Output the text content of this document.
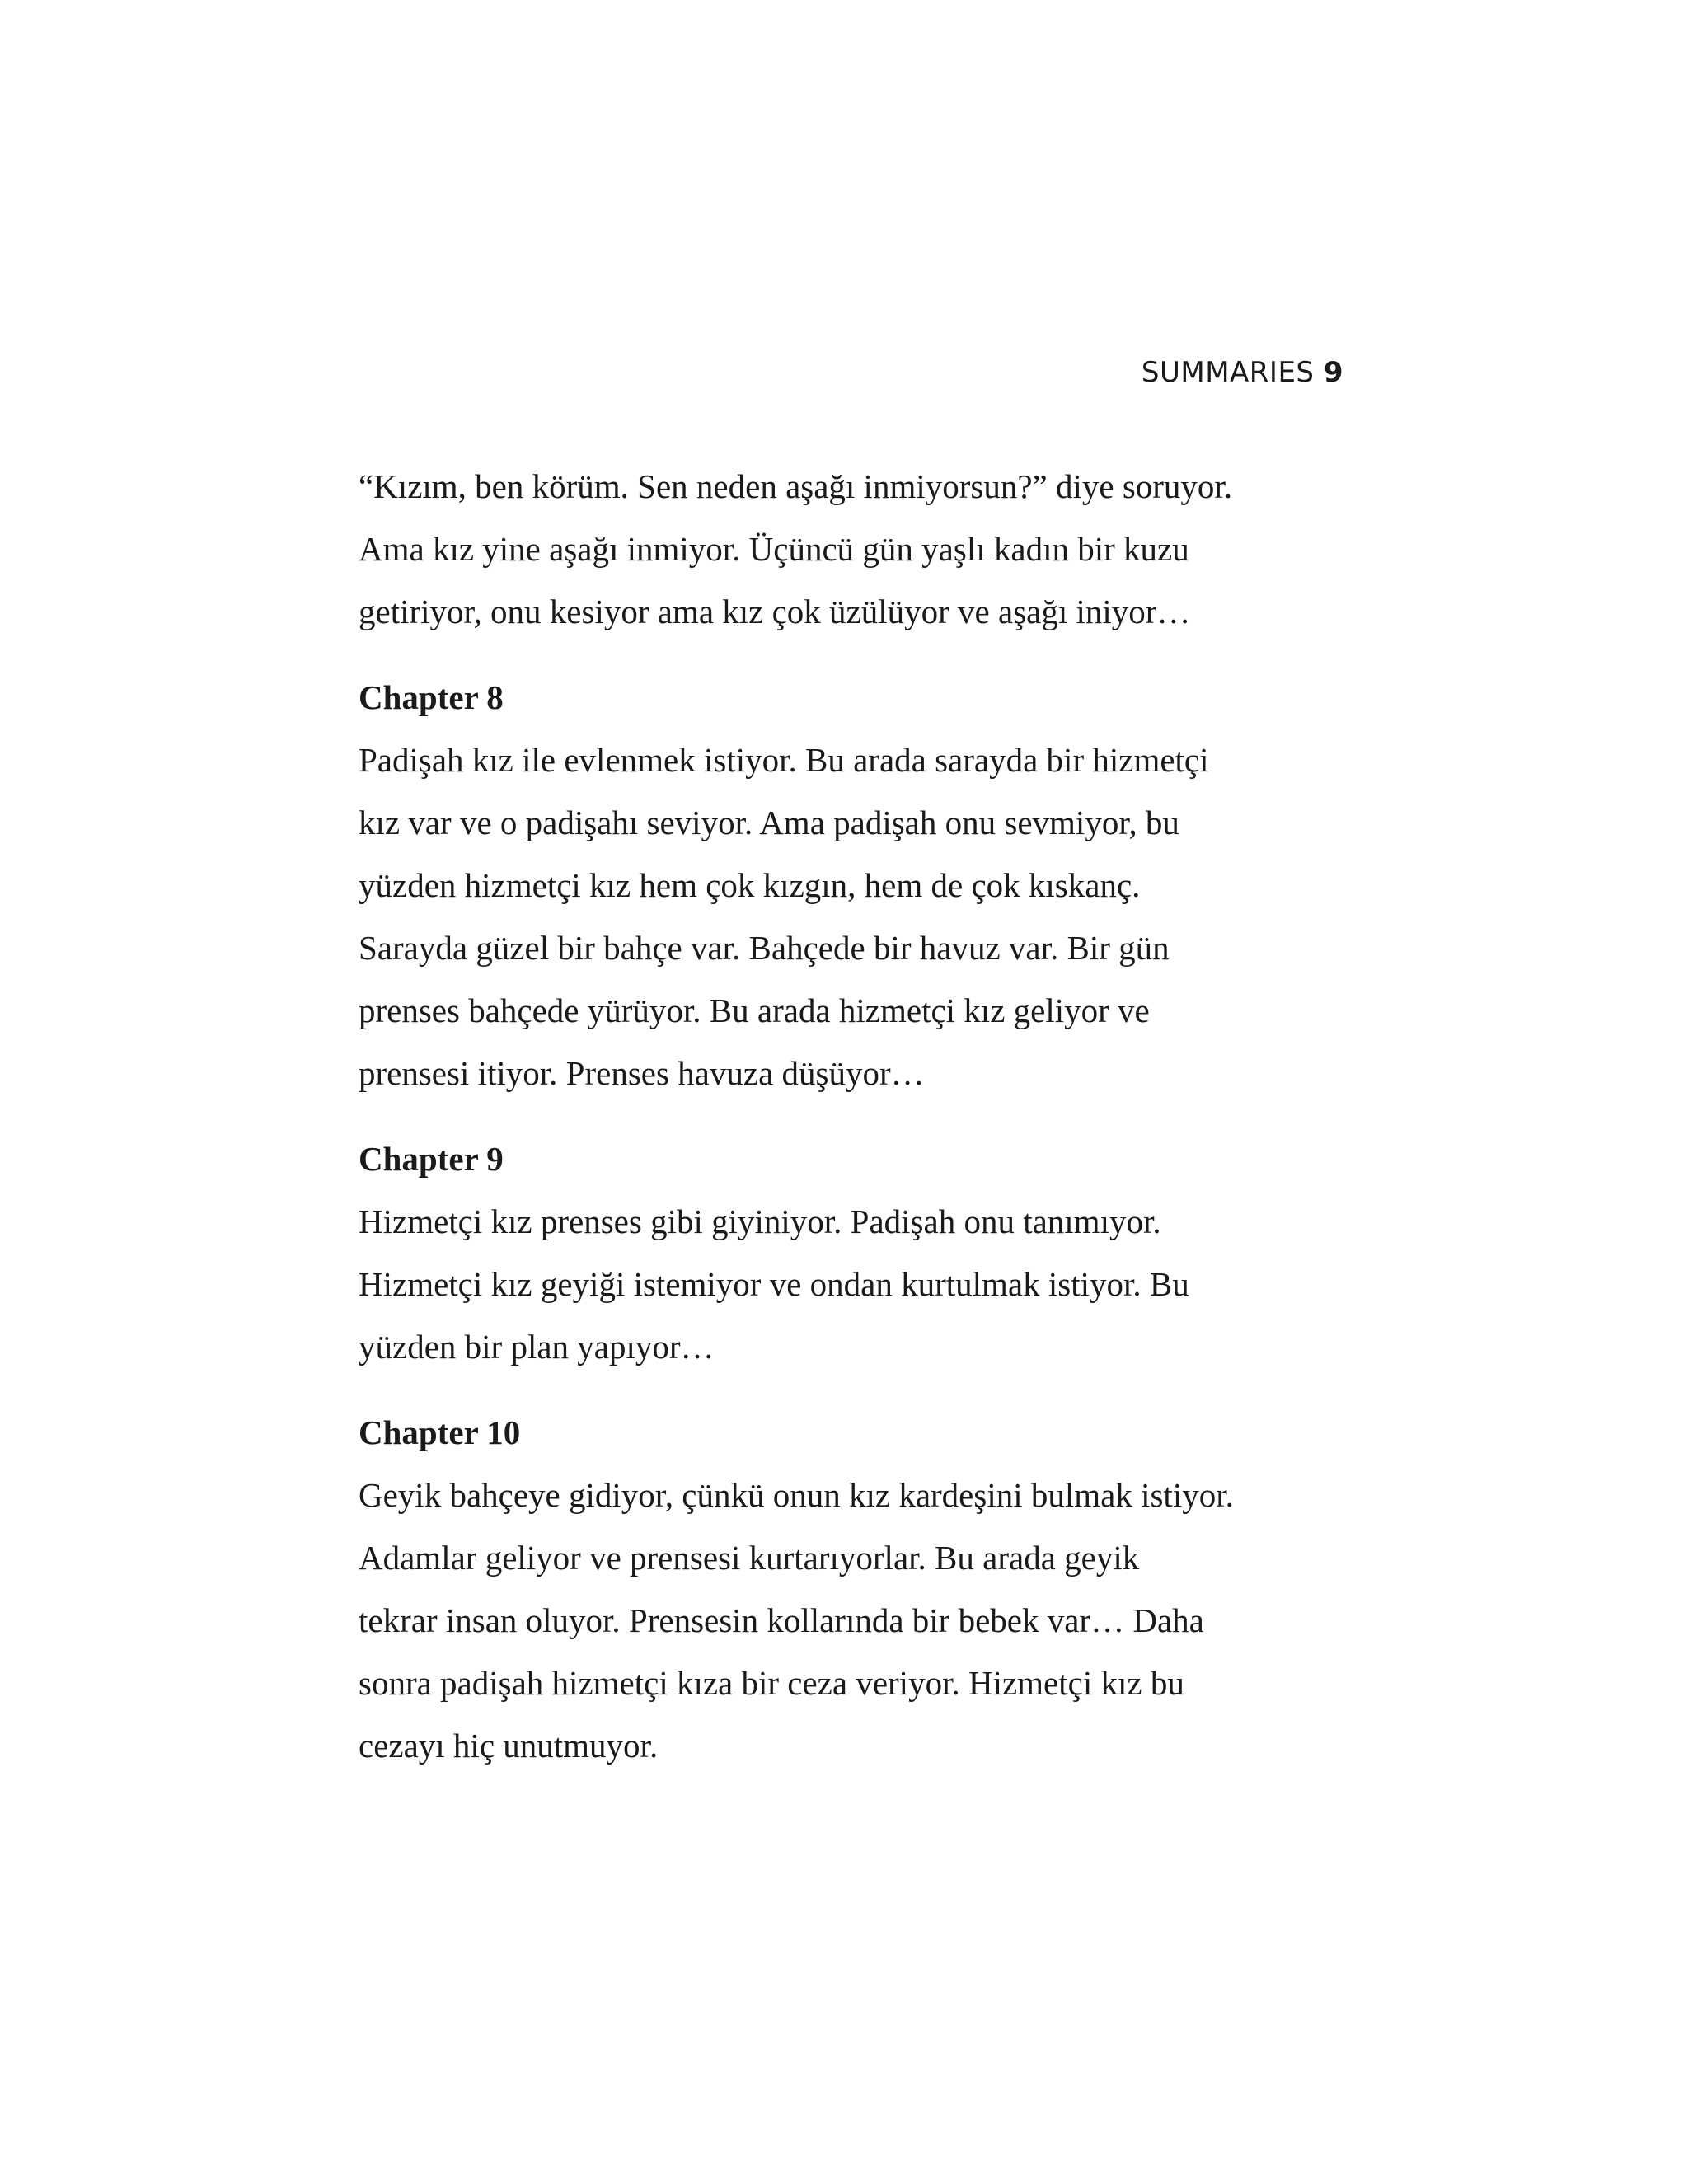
SUMMARIES 9

“Kızım, ben körüm. Sen neden aşağı inmiyorsun?” diye soruyor.

Ama kız yine aşağı inmiyor. Üçüncü gün yaşlı kadın bir kuzu

getiriyor, onu kesiyor ama kız çok üzülüyor ve aşağı iniyor…

Chapter 8

Padişah kız ile evlenmek istiyor. Bu arada sarayda bir hizmetçi

kız var ve o padişahı seviyor. Ama padişah onu sevmiyor, bu

yüzden hizmetçi kız hem çok kızgın, hem de çok kıskanç.

Sarayda güzel bir bahçe var. Bahçede bir havuz var. Bir gün

prenses bahçede yürüyor. Bu arada hizmetçi kız geliyor ve

prensesi itiyor. Prenses havuza düşüyor…

Chapter 9

Hizmetçi kız prenses gibi giyiniyor. Padişah onu tanımıyor.

Hizmetçi kız geyiği istemiyor ve ondan kurtulmak istiyor. Bu

yüzden bir plan yapıyor…

Chapter 10

Geyik bahçeye gidiyor, çünkü onun kız kardeşini bulmak istiyor.

Adamlar geliyor ve prensesi kurtarıyorlar. Bu arada geyik

tekrar insan oluyor. Prensesin kollarında bir bebek var… Daha

sonra padişah hizmetçi kıza bir ceza veriyor. Hizmetçi kız bu

cezayı hiç unutmuyor.
